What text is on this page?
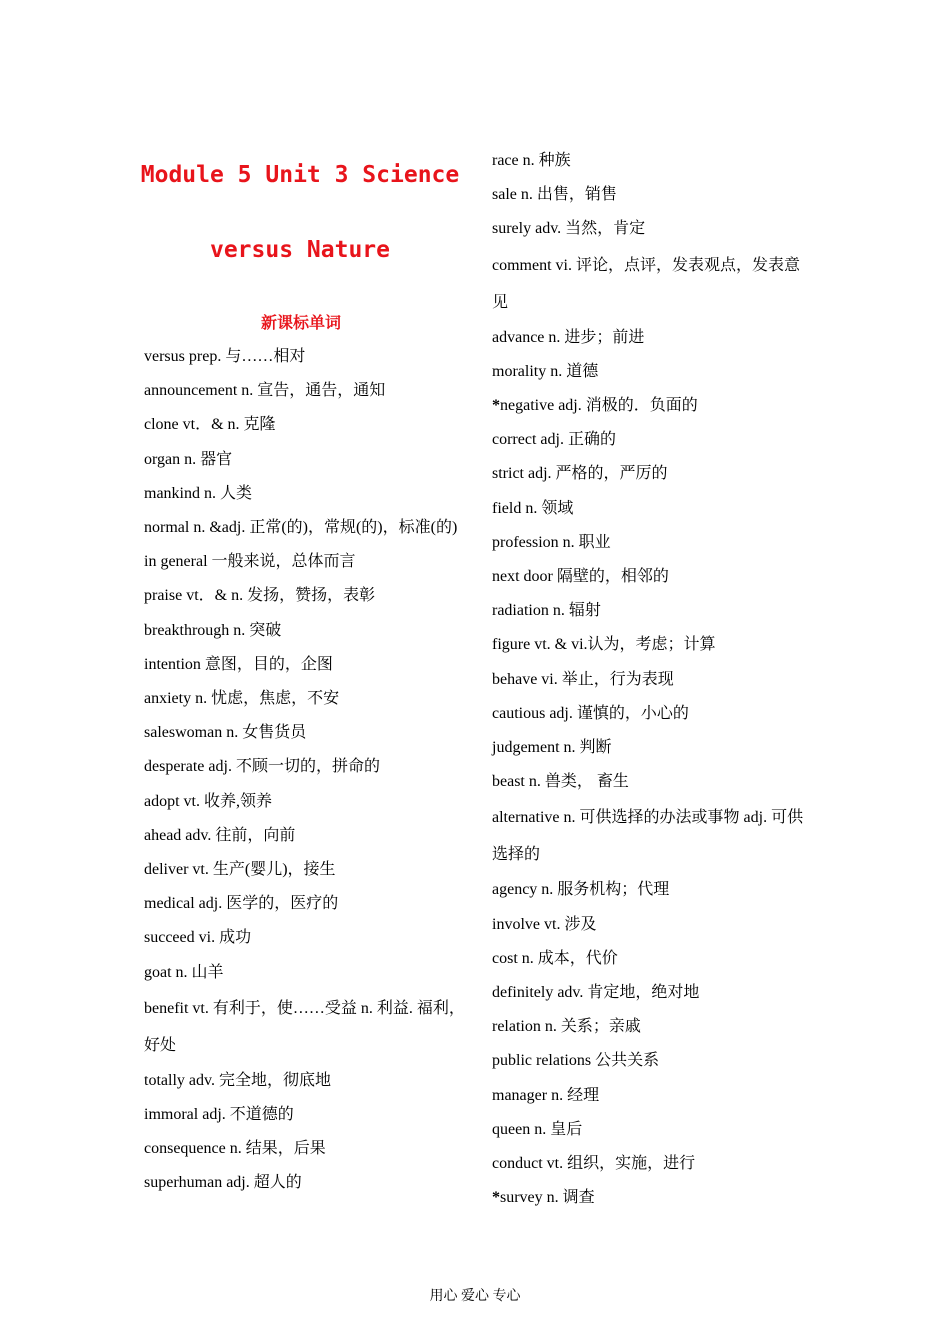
Module 5 Unit 3 Science
versus Nature
新课标单词

versus prep. 与……相对

announcement n. 宣告，通告，通知

clone vt．& n. 克隆

organ n. 器官

mankind n. 人类

normal n. &adj. 正常(的)，常规(的)，标准(的)

in general 一般来说，总体而言

praise vt．& n. 发扬，赞扬，表彰

breakthrough n. 突破

intention 意图，目的，企图

anxiety n. 忧虑，焦虑，不安

saleswoman n. 女售货员

desperate adj. 不顾一切的，拼命的

adopt vt. 收养,领养

ahead adv. 往前，向前

deliver vt. 生产(婴儿)，接生

medical adj. 医学的，医疗的

succeed vi. 成功

goat n. 山羊

benefit vt. 有利于，使……受益 n. 利益. 福利，好处

totally adv. 完全地，彻底地

immoral adj. 不道德的

consequence n. 结果，后果

superhuman adj. 超人的

race n. 种族

sale n. 出售，销售

surely adv. 当然，肯定

comment vi. 评论，点评，发表观点，发表意见

advance n. 进步；前进

morality n. 道德

*negative adj. 消极的．负面的

correct adj. 正确的

strict adj. 严格的，严厉的

field n. 领域

profession n. 职业

next door 隔壁的，相邻的

radiation n. 辐射

figure vt. & vi.认为，考虑；计算

behave vi. 举止，行为表现

cautious adj. 谨慎的，小心的

judgement n. 判断

beast n. 兽类， 畜生

alternative n. 可供选择的办法或事物 adj. 可供选择的

agency n. 服务机构；代理

involve vt. 涉及

cost n. 成本，代价

definitely adv. 肯定地，绝对地

relation n. 关系；亲戚

public relations 公共关系

manager n. 经理

queen n. 皇后

conduct vt. 组织，实施，进行

*survey n. 调查

用心 爱心 专心
